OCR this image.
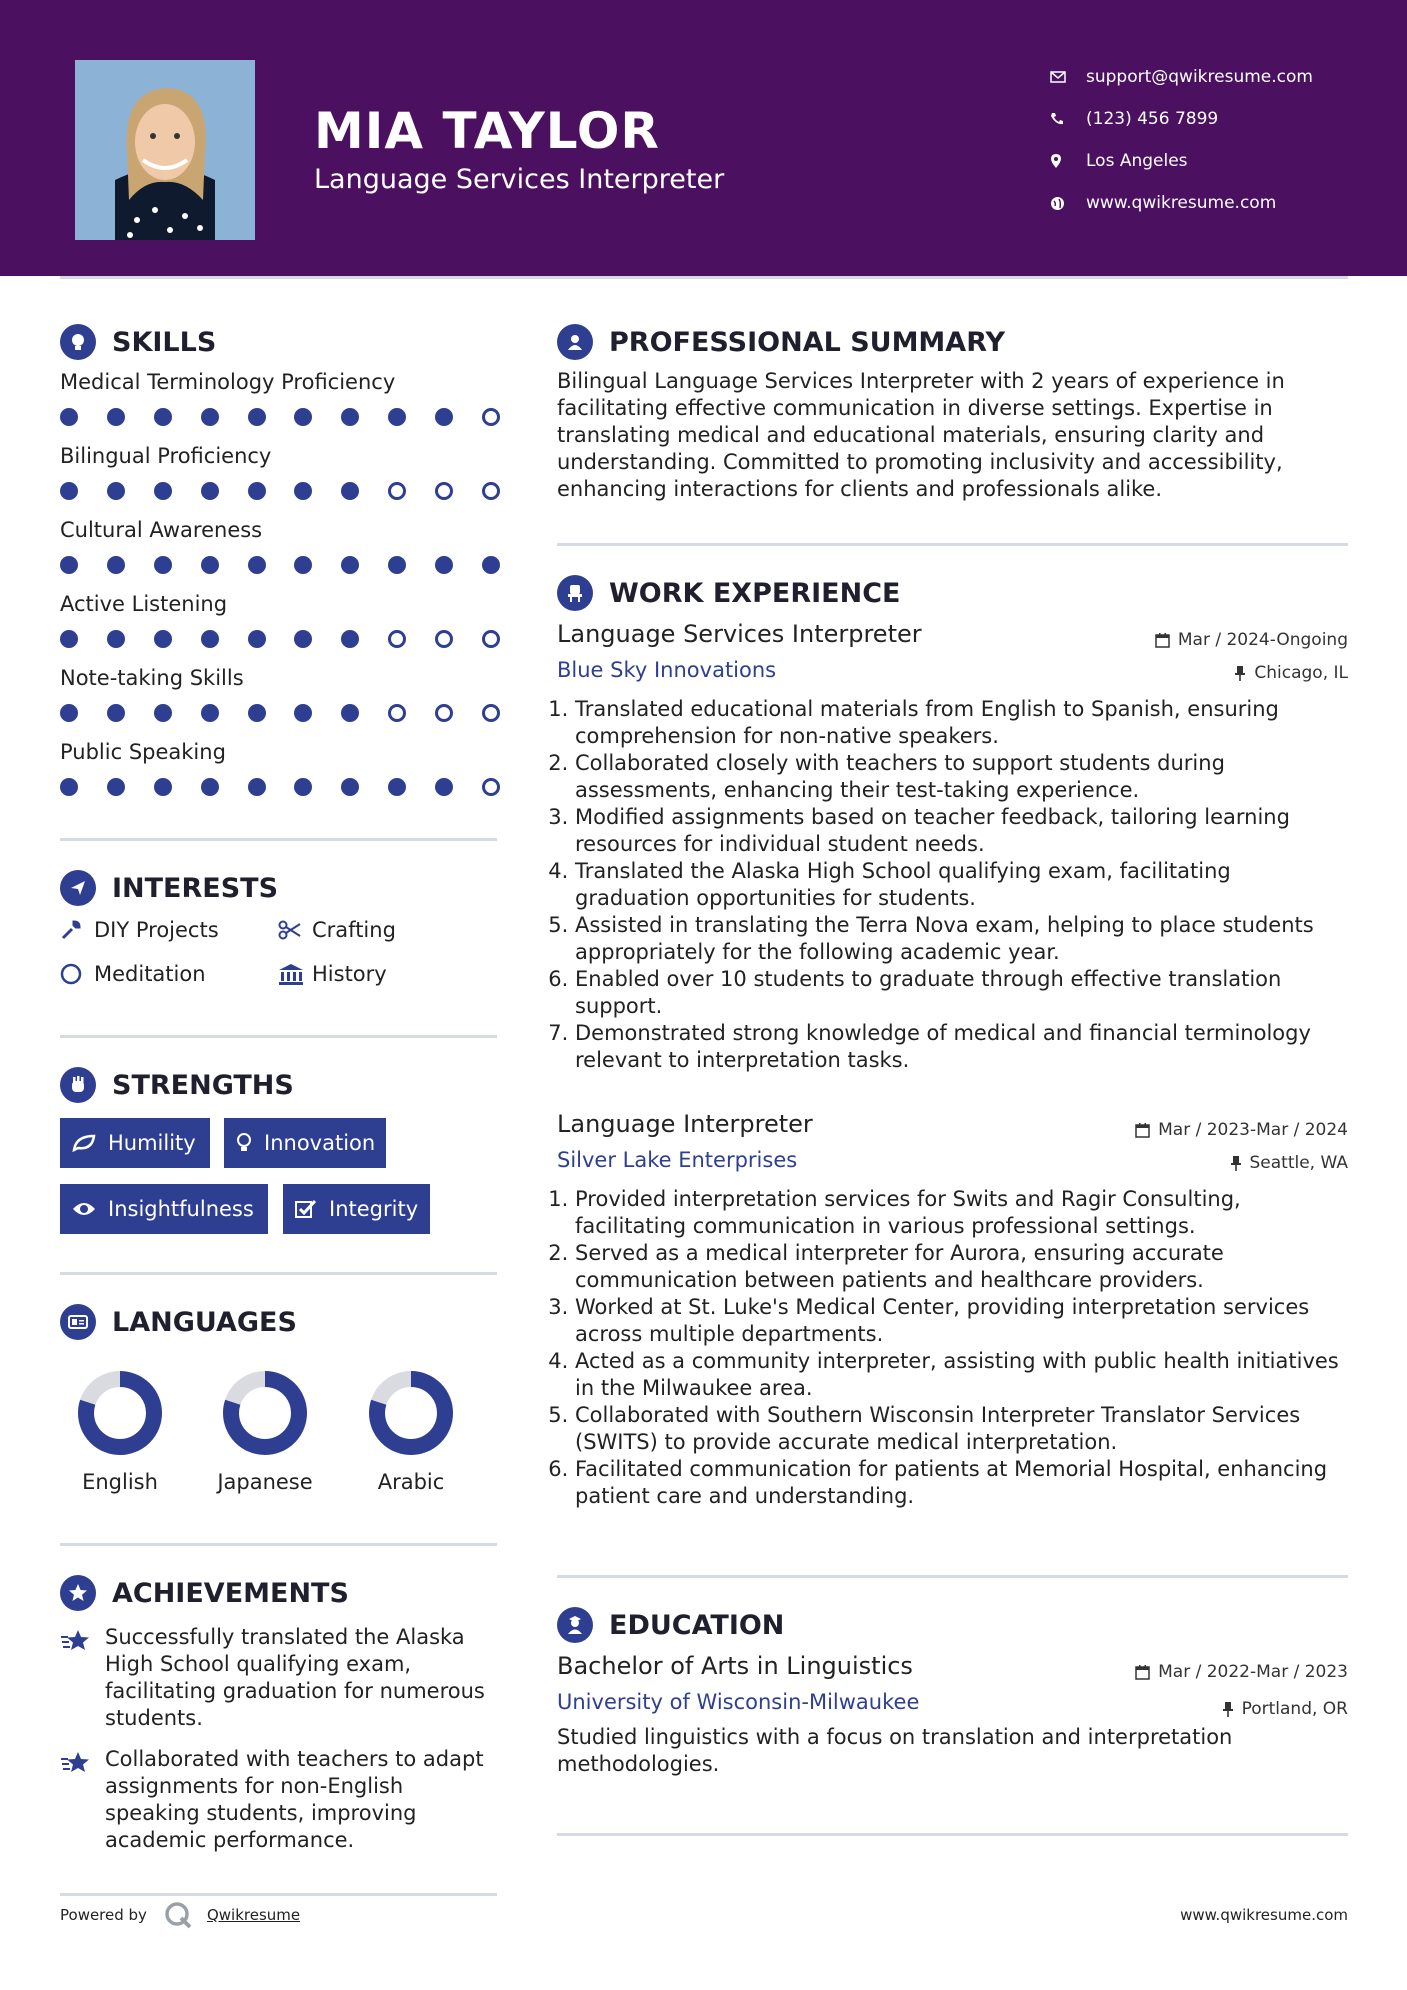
MIA TAYLOR
Language Services Interpreter
support@qwikresume.com
(123) 456 7899
Los Angeles
www.qwikresume.com
SKILLS
Medical Terminology Proficiency
Bilingual Proficiency
Cultural Awareness
Active Listening
Note-taking Skills
Public Speaking
INTERESTS
DIY Projects	Crafting
Meditation	History
STRENGTHS
Humility	Innovation
Insightfulness	Integrity
LANGUAGES
English	Japanese	Arabic
ACHIEVEMENTS
Successfully translated the Alaska High School qualifying exam, facilitating graduation for numerous students.
Collaborated with teachers to adapt assignments for non-English speaking students, improving academic performance.
PROFESSIONAL SUMMARY
Bilingual Language Services Interpreter with 2 years of experience in facilitating effective communication in diverse settings. Expertise in translating medical and educational materials, ensuring clarity and understanding. Committed to promoting inclusivity and accessibility, enhancing interactions for clients and professionals alike.
WORK EXPERIENCE
Language Services Interpreter	Mar / 2024-Ongoing
Blue Sky Innovations	Chicago, IL
1. Translated educational materials from English to Spanish, ensuring comprehension for non-native speakers.
2. Collaborated closely with teachers to support students during assessments, enhancing their test-taking experience.
3. Modified assignments based on teacher feedback, tailoring learning resources for individual student needs.
4. Translated the Alaska High School qualifying exam, facilitating graduation opportunities for students.
5. Assisted in translating the Terra Nova exam, helping to place students appropriately for the following academic year.
6. Enabled over 10 students to graduate through effective translation support.
7. Demonstrated strong knowledge of medical and financial terminology relevant to interpretation tasks.
Language Interpreter	Mar / 2023-Mar / 2024
Silver Lake Enterprises	Seattle, WA
1. Provided interpretation services for Swits and Ragir Consulting, facilitating communication in various professional settings.
2. Served as a medical interpreter for Aurora, ensuring accurate communication between patients and healthcare providers.
3. Worked at St. Luke's Medical Center, providing interpretation services across multiple departments.
4. Acted as a community interpreter, assisting with public health initiatives in the Milwaukee area.
5. Collaborated with Southern Wisconsin Interpreter Translator Services (SWITS) to provide accurate medical interpretation.
6. Facilitated communication for patients at Memorial Hospital, enhancing patient care and understanding.
EDUCATION
Bachelor of Arts in Linguistics	Mar / 2022-Mar / 2023
University of Wisconsin-Milwaukee	Portland, OR
Studied linguistics with a focus on translation and interpretation methodologies.
Powered by	Qwikresume	www.qwikresume.com
